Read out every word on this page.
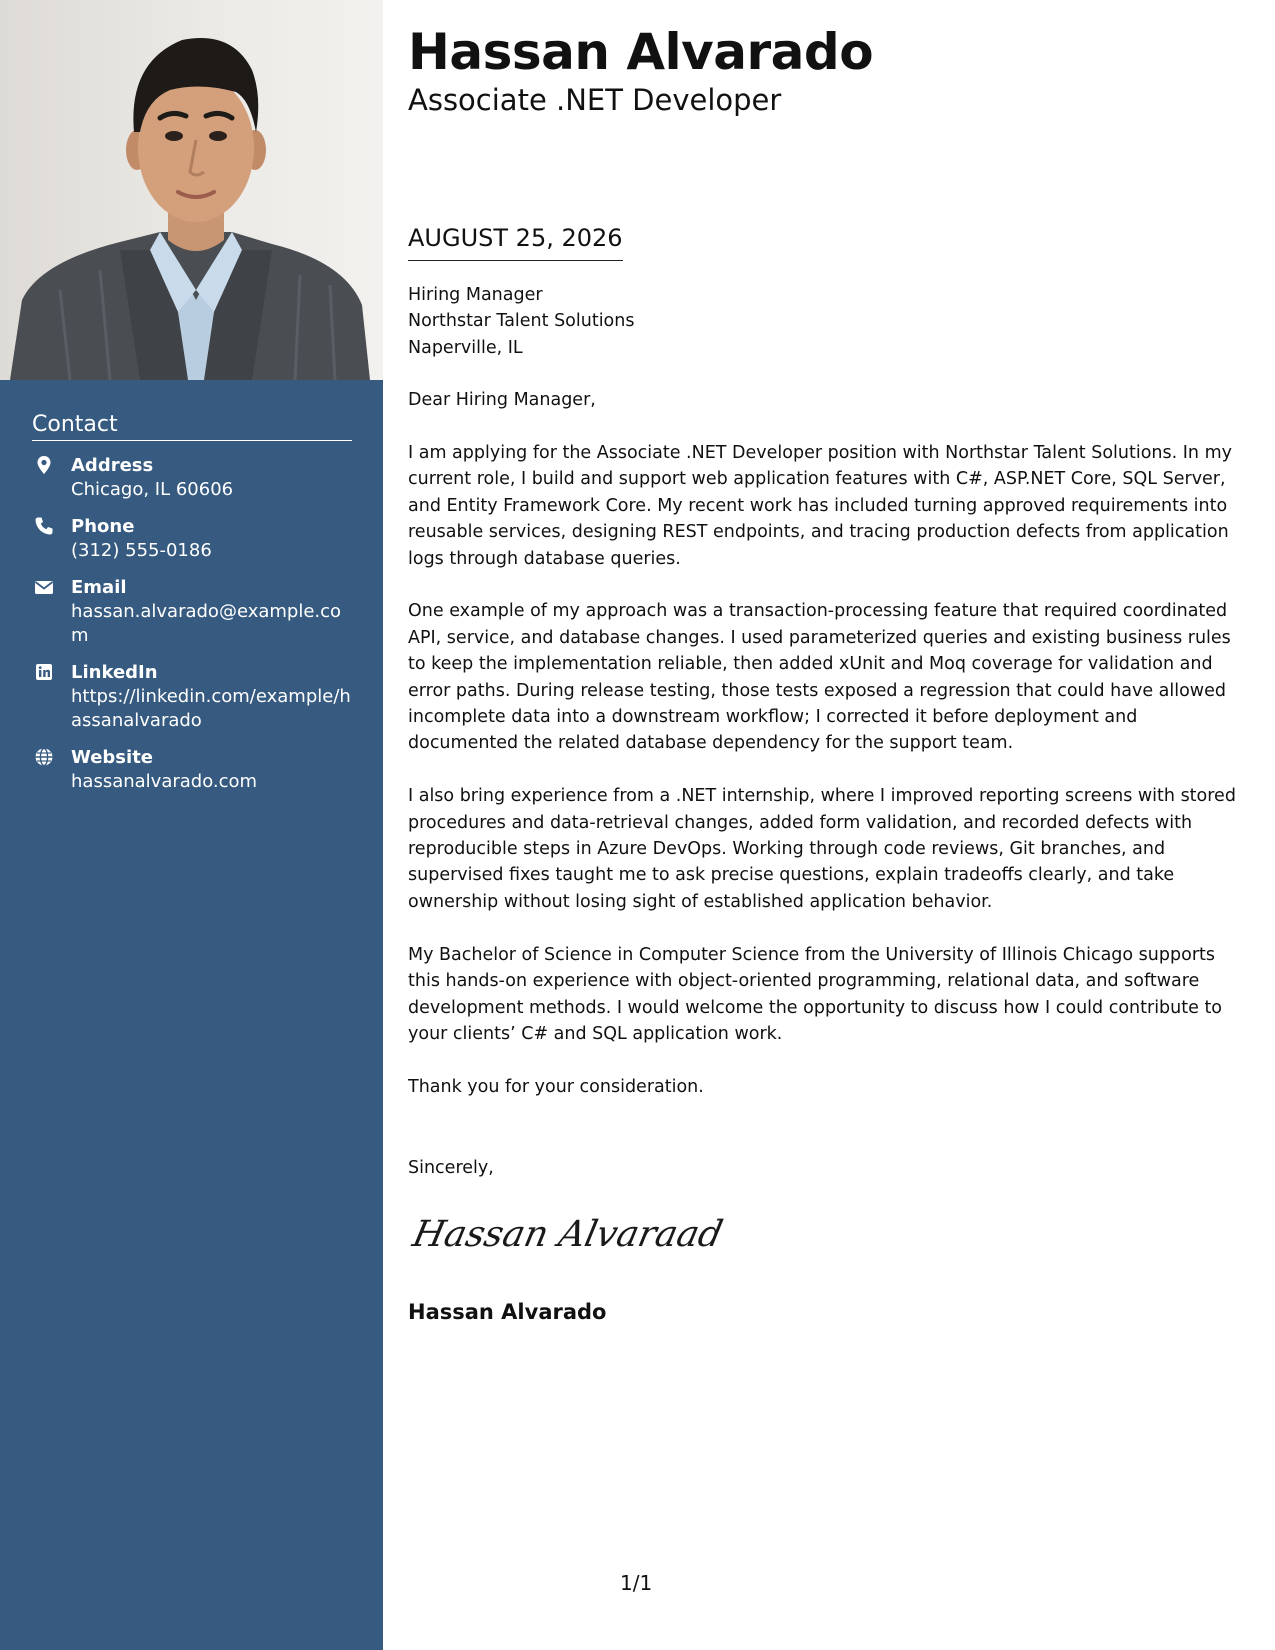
Contact
Address
Chicago, IL 60606
Phone
(312) 555-0186
Email
hassan.alvarado@example.com
LinkedIn
https://linkedin.com/example/hassanalvarado
Website
hassanalvarado.com
Hassan Alvarado
Associate .NET Developer
AUGUST 25, 2026
Hiring Manager
Northstar Talent Solutions
Naperville, IL

Dear Hiring Manager,

I am applying for the Associate .NET Developer position with Northstar Talent Solutions. In my current role, I build and support web application features with C#, ASP.NET Core, SQL Server, and Entity Framework Core. My recent work has included turning approved requirements into reusable services, designing REST endpoints, and tracing production defects from application logs through database queries.

One example of my approach was a transaction-processing feature that required coordinated API, service, and database changes. I used parameterized queries and existing business rules to keep the implementation reliable, then added xUnit and Moq coverage for validation and error paths. During release testing, those tests exposed a regression that could have allowed incomplete data into a downstream workflow; I corrected it before deployment and documented the related database dependency for the support team.

I also bring experience from a .NET internship, where I improved reporting screens with stored procedures and data-retrieval changes, added form validation, and recorded defects with reproducible steps in Azure DevOps. Working through code reviews, Git branches, and supervised fixes taught me to ask precise questions, explain tradeoffs clearly, and take ownership without losing sight of established application behavior.

My Bachelor of Science in Computer Science from the University of Illinois Chicago supports this hands-on experience with object-oriented programming, relational data, and software development methods. I would welcome the opportunity to discuss how I could contribute to your clients’ C# and SQL application work.

Thank you for your consideration.

Sincerely,
Hassan Alvaraad
Hassan Alvarado
1/1
